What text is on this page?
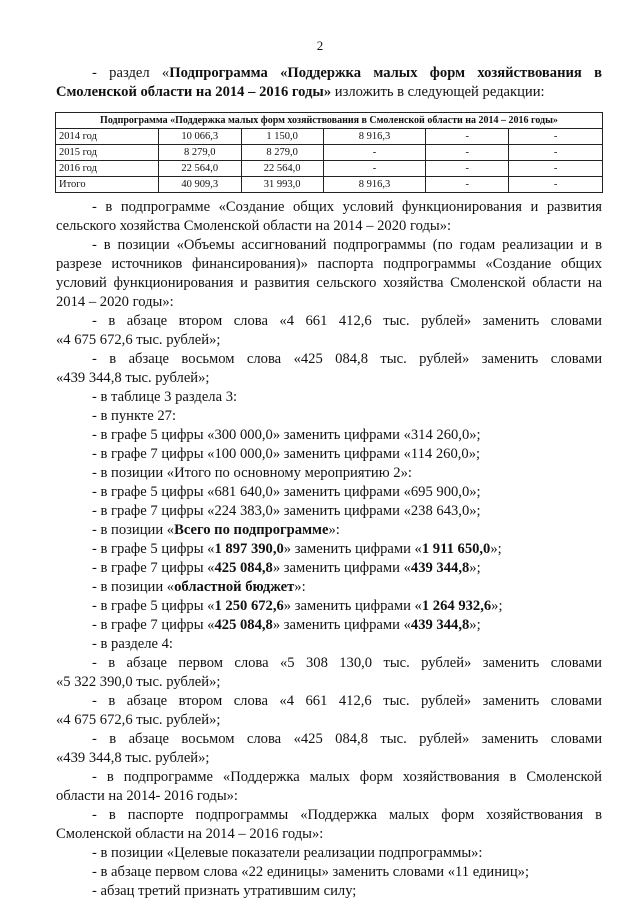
2
- раздел «Подпрограмма «Поддержка малых форм хозяйствования в
Смоленской области на 2014 – 2016 годы» изложить в следующей редакции:
Подпрограмма «Поддержка малых форм хозяйствования в Смоленской области на 2014 – 2016 годы»					
2014 год	10 066,3	1 150,0	8 916,3	-	-
2015 год	8 279,0	8 279,0	-	-	-
2016 год	22 564,0	22 564,0	-	-	-
Итого	40 909,3	31 993,0	8 916,3	-	-
- в подпрограмме «Создание общих условий функционирования и развития
сельского хозяйства Смоленской области на 2014 – 2020 годы»:
- в позиции «Объемы ассигнований подпрограммы (по годам реализации и в
разрезе источников финансирования)» паспорта подпрограммы «Создание общих
условий функционирования и развития сельского хозяйства Смоленской области на
2014 – 2020 годы»:
- в абзаце втором слова «4 661 412,6 тыс. рублей» заменить словами
«4 675 672,6 тыс. рублей»;
- в абзаце восьмом слова «425 084,8 тыс. рублей» заменить словами
«439 344,8 тыс. рублей»;
- в таблице 3 раздела 3:
- в пункте 27:
- в графе 5 цифры «300 000,0» заменить цифрами «314 260,0»;
- в графе 7 цифры «100 000,0» заменить цифрами «114 260,0»;
- в позиции «Итого по основному мероприятию 2»:
- в графе 5 цифры «681 640,0» заменить цифрами «695 900,0»;
- в графе 7 цифры «224 383,0» заменить цифрами «238 643,0»;
- в позиции «Всего по подпрограмме»:
- в графе 5 цифры «1 897 390,0» заменить цифрами «1 911 650,0»;
- в графе 7 цифры «425 084,8» заменить цифрами «439 344,8»;
- в позиции «областной бюджет»:
- в графе 5 цифры «1 250 672,6» заменить цифрами «1 264 932,6»;
- в графе 7 цифры «425 084,8» заменить цифрами «439 344,8»;
- в разделе 4:
- в абзаце первом слова «5 308 130,0 тыс. рублей» заменить словами
«5 322 390,0 тыс. рублей»;
- в абзаце втором слова «4 661 412,6 тыс. рублей» заменить словами
«4 675 672,6 тыс. рублей»;
- в абзаце восьмом слова «425 084,8 тыс. рублей» заменить словами
«439 344,8 тыс. рублей»;
- в подпрограмме «Поддержка малых форм хозяйствования в Смоленской
области на 2014- 2016 годы»:
- в паспорте подпрограммы «Поддержка малых форм хозяйствования в
Смоленской области на 2014 – 2016 годы»:
- в позиции «Целевые показатели реализации подпрограммы»:
- в абзаце первом слова «22 единицы» заменить словами «11 единиц»;
- абзац третий признать утратившим силу;
